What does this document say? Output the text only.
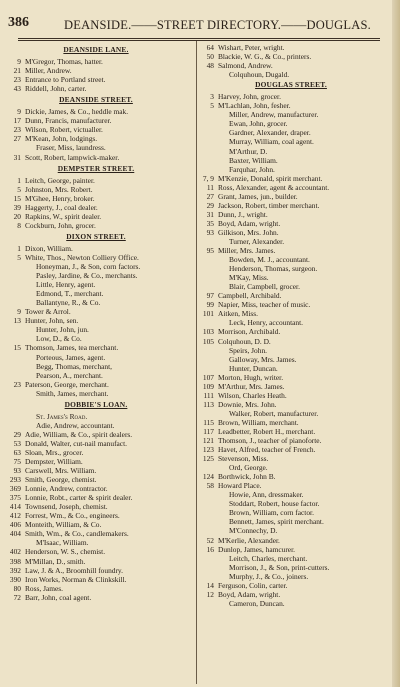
386	DEANSIDE.——STREET DIRECTORY.——DOUGLAS.
DEANSIDE LANE.
9 M'Gregor, Thomas, hatter.
21 Miller, Andrew.
23 Entrance to Portland street.
43 Riddell, John, carter.
DEANSIDE STREET.
9 Dickie, James, & Co., heddle mak.
17 Dunn, Francis, manufacturer.
23 Wilson, Robert, victualler.
27 M'Kean, John, lodgings.
Fraser, Miss, laundress.
31 Scott, Robert, lampwick-maker.
DEMPSTER STREET.
1 Leitch, George, painter.
5 Johnston, Mrs. Robert.
15 M'Ghee, Henry, broker.
39 Haggerty, J., coal dealer.
20 Rapkins, W., spirit dealer.
8 Cockburn, John, grocer.
DIXON STREET.
1 Dixon, William.
5 White, Thos., Newton Colliery Office.
Honeyman, J., & Son, corn factors.
Pasley, Jardine, & Co., merchants.
Little, Henry, agent.
Edmond, T., merchant.
Ballantyne, R., & Co.
9 Tower & Arrol.
13 Hunter, John, sen.
Hunter, John, jun.
Low, D., & Co.
15 Thomson, James, tea merchant.
Porteous, James, agent.
Begg, Thomas, merchant,
Pearson, A., merchant.
23 Paterson, George, merchant.
Smith, James, merchant.
DOBBIE'S LOAN.
St. James's Road.
Adie, Andrew, accountant.
29 Adie, William, & Co., spirit dealers.
53 Donald, Walter, cut-nail manufact.
63 Sloan, Mrs., grocer.
75 Dempster, William.
93 Carswell, Mrs. William.
293 Smith, George, chemist.
369 Lonnie, Andrew, contractor.
375 Lonnie, Robt., carter & spirit dealer.
414 Townsend, Joseph, chemist.
412 Forrest, Wm., & Co., engineers.
406 Monteith, William, & Co.
404 Smith, Wm., & Co., candlemakers.
M'Isaac, William.
402 Henderson, W. S., chemist.
398 M'Millan, D., smith.
392 Law, J. & A., Broomhill foundry.
390 Iron Works, Norman & Clinkskill.
80 Ross, James.
72 Barr, John, coal agent.
64 Wishart, Peter, wright.
50 Blackie, W. G., & Co., printers.
48 Salmond, Andrew.
Colquhoun, Dugald.
DOUGLAS STREET.
3 Harvey, John, grocer.
5 M'Lachlan, John, fesher.
Miller, Andrew, manufacturer.
Ewan, John, grocer.
Gardner, Alexander, draper.
Murray, William, coal agent.
M'Arthur, D.
Baxter, William.
Farquhar, John.
7, 9 M'Kenzie, Donald, spirit merchant.
11 Ross, Alexander, agent & accountant.
27 Grant, James, jun., builder.
29 Jackson, Robert, timber merchant.
31 Dunn, J., wright.
35 Boyd, Adam, wright.
93 Gilkison, Mrs. John.
Turner, Alexander.
95 Miller, Mrs. James.
Bowden, M. J., accountant.
Henderson, Thomas, surgeon.
M'Kay, Miss.
Blair, Campbell, grocer.
97 Campbell, Archibald.
99 Napier, Miss, teacher of music.
101 Aitken, Miss.
Leck, Henry, accountant.
103 Morrison, Archibald.
105 Colquhoun, D. D.
Speirs, John.
Galloway, Mrs. James.
Hunter, Duncan.
107 Morton, Hugh, writer.
109 M'Arthur, Mrs. James.
111 Wilson, Charles Heath.
113 Downie, Mrs. John.
Walker, Robert, manufacturer.
115 Brown, William, merchant.
117 Leadbetter, Robert H., merchant.
121 Thomson, J., teacher of pianoforte.
123 Havet, Alfred, teacher of French.
125 Stevenson, Miss.
Ord, George.
124 Borthwick, John B.
58 Howard Place.
Howie, Ann, dressmaker.
Stoddart, Robert, house factor.
Brown, William, corn factor.
Bennett, James, spirit merchant.
M'Connechy, D.
52 M'Kerlie, Alexander.
16 Dunlop, James, hamcurer.
Leitch, Charles, merchant.
Morrison, J., & Son, print-cutters.
Murphy, J., & Co., joiners.
14 Ferguson, Colin, carter.
12 Boyd, Adam, wright.
Cameron, Duncan.
